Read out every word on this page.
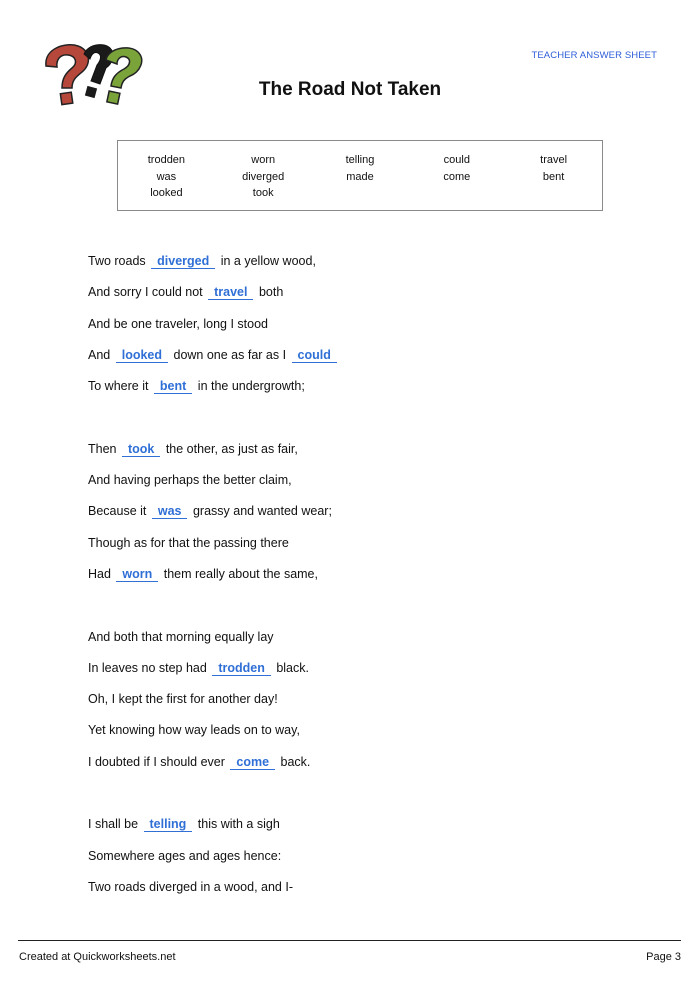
TEACHER ANSWER SHEET
The Road Not Taken
trodden	worn	telling	could	travel
was	diverged	made	come	bent
looked	took
Two roads diverged in a yellow wood,
And sorry I could not travel both
And be one traveler, long I stood
And looked down one as far as I could
To where it bent in the undergrowth;
Then took the other, as just as fair,
And having perhaps the better claim,
Because it was grassy and wanted wear;
Though as for that the passing there
Had worn them really about the same,
And both that morning equally lay
In leaves no step had trodden black.
Oh, I kept the first for another day!
Yet knowing how way leads on to way,
I doubted if I should ever come back.
I shall be telling this with a sigh
Somewhere ages and ages hence:
Two roads diverged in a wood, and I-
Created at Quickworksheets.net	Page 3
